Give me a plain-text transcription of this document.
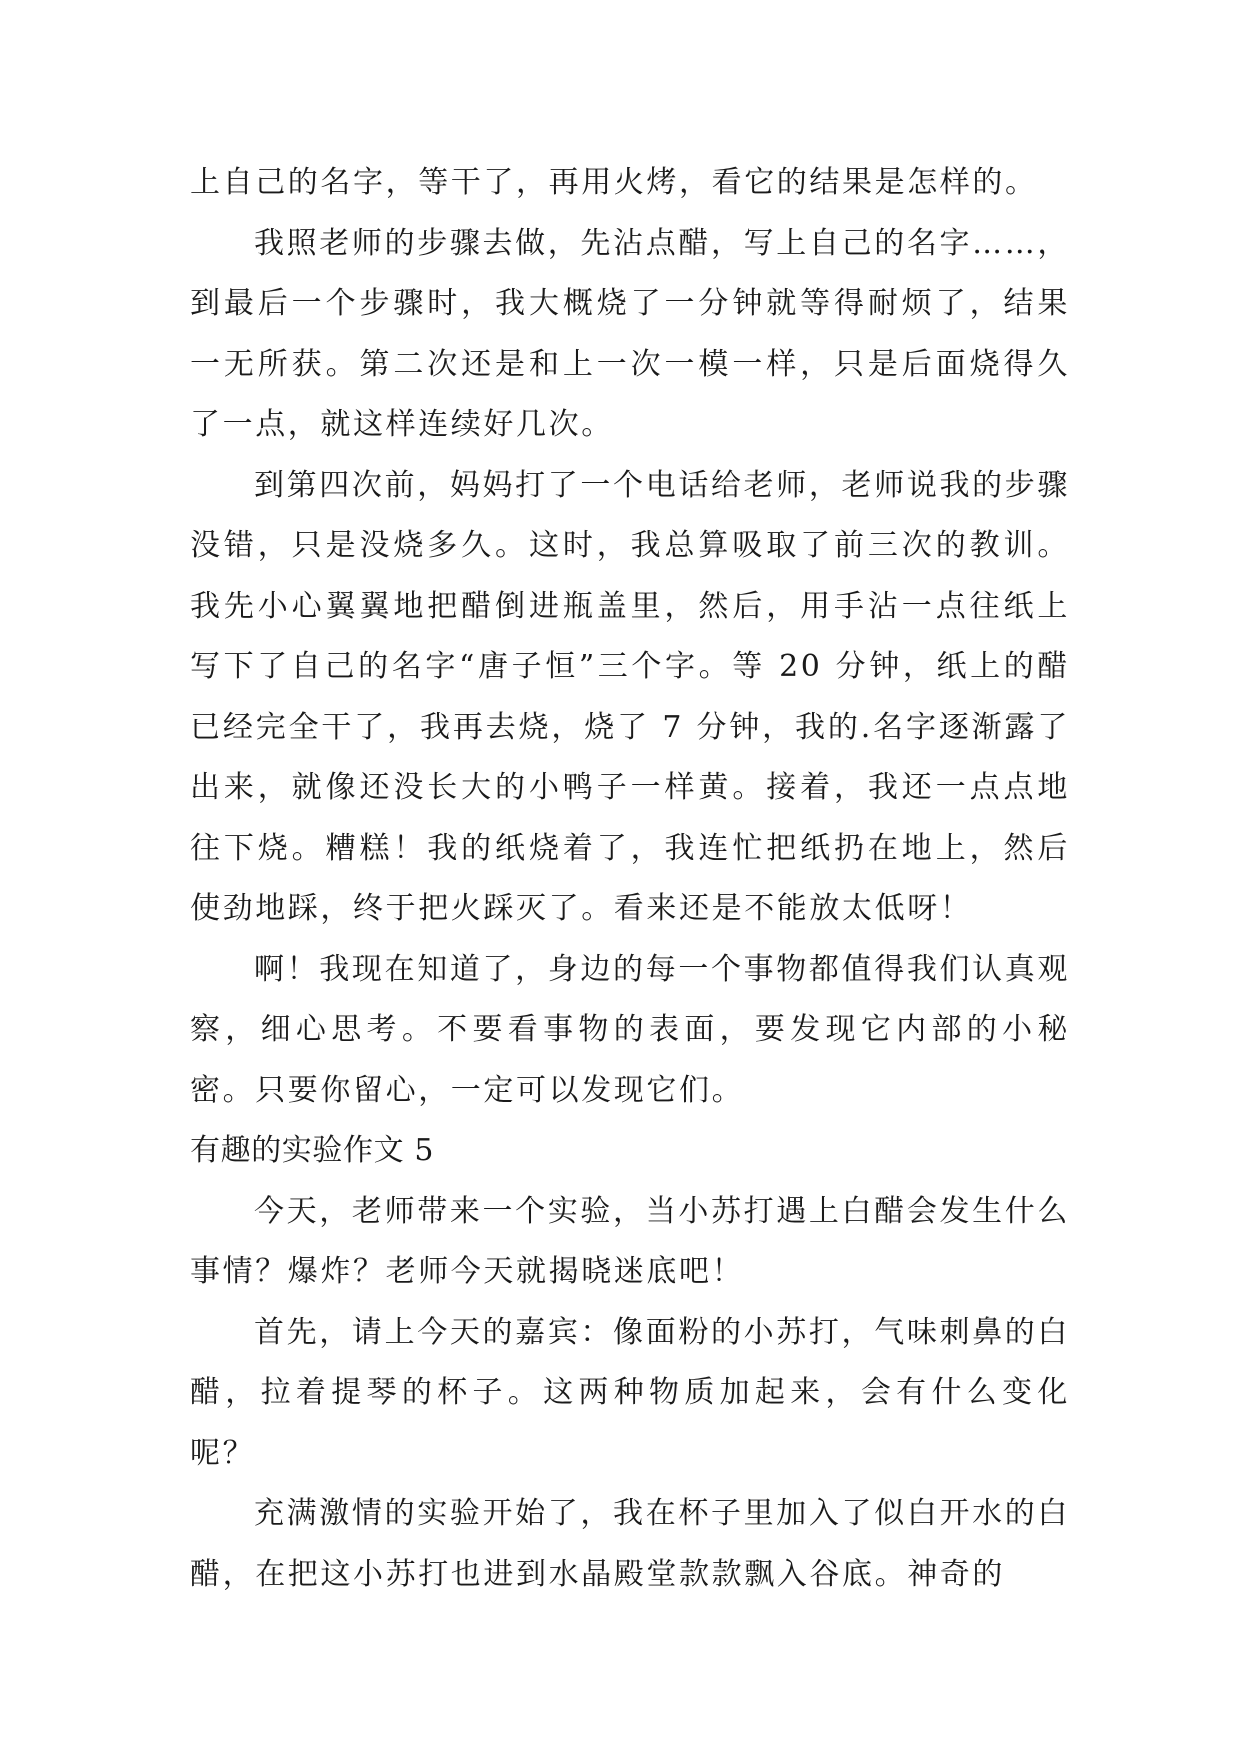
上自己的名字，等干了，再用火烤，看它的结果是怎样的。

我照老师的步骤去做，先沾点醋，写上自己的名字……，到最后一个步骤时，我大概烧了一分钟就等得耐烦了，结果一无所获。第二次还是和上一次一模一样，只是后面烧得久了一点，就这样连续好几次。

到第四次前，妈妈打了一个电话给老师，老师说我的步骤没错，只是没烧多久。这时，我总算吸取了前三次的教训。我先小心翼翼地把醋倒进瓶盖里，然后，用手沾一点往纸上写下了自己的名字“唐子恒”三个字。等 20 分钟，纸上的醋已经完全干了，我再去烧，烧了 7 分钟，我的.名字逐渐露了出来，就像还没长大的小鸭子一样黄。接着，我还一点点地往下烧。糟糕！我的纸烧着了，我连忙把纸扔在地上，然后使劲地踩，终于把火踩灭了。看来还是不能放太低呀！

啊！我现在知道了，身边的每一个事物都值得我们认真观察，细心思考。不要看事物的表面，要发现它内部的小秘密。只要你留心，一定可以发现它们。

有趣的实验作文 5

今天，老师带来一个实验，当小苏打遇上白醋会发生什么事情？爆炸？老师今天就揭晓迷底吧！

首先，请上今天的嘉宾：像面粉的小苏打，气味刺鼻的白醋，拉着提琴的杯子。这两种物质加起来，会有什么变化呢？

充满激情的实验开始了，我在杯子里加入了似白开水的白醋，在把这小苏打也进到水晶殿堂款款飘入谷底。神奇的
